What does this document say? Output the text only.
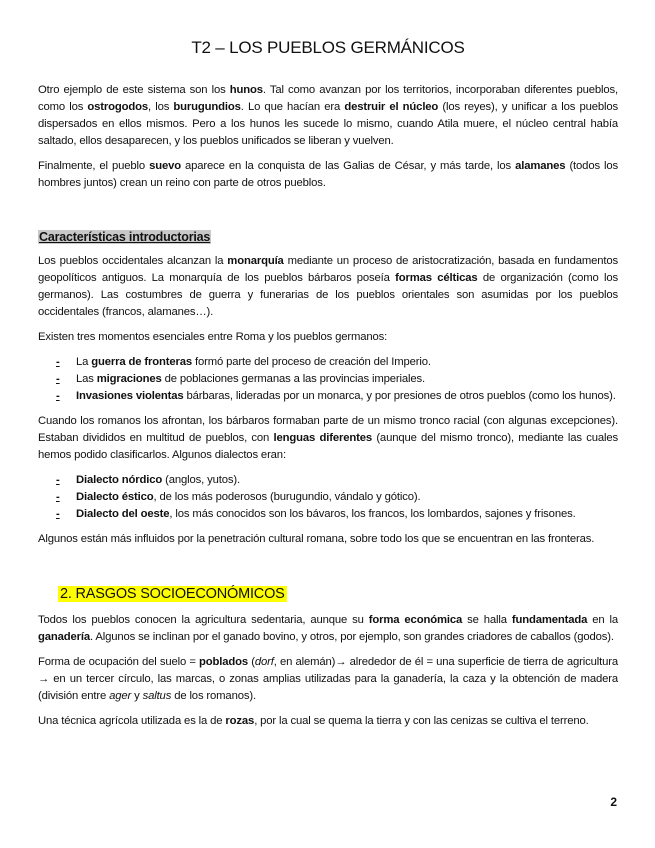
T2 – LOS PUEBLOS GERMÁNICOS

Otro ejemplo de este sistema son los hunos. Tal como avanzan por los territorios, incorporaban diferentes pueblos, como los ostrogodos, los burugundios. Lo que hacían era destruir el núcleo (los reyes), y unificar a los pueblos dispersados en ellos mismos. Pero a los hunos les sucede lo mismo, cuando Atila muere, el núcleo central había saltado, ellos desaparecen, y los pueblos unificados se liberan y vuelven.

Finalmente, el pueblo suevo aparece en la conquista de las Galias de César, y más tarde, los alamanes (todos los hombres juntos) crean un reino con parte de otros pueblos.

Características introductorias

Los pueblos occidentales alcanzan la monarquía mediante un proceso de aristocratización, basada en fundamentos geopolíticos antiguos. La monarquía de los pueblos bárbaros poseía formas célticas de organización (como los germanos). Las costumbres de guerra y funerarias de los pueblos orientales son asumidas por los pueblos occidentales (francos, alamanes…).

Existen tres momentos esenciales entre Roma y los pueblos germanos:

- La guerra de fronteras formó parte del proceso de creación del Imperio.
- Las migraciones de poblaciones germanas a las provincias imperiales.
- Invasiones violentas bárbaras, lideradas por un monarca, y por presiones de otros pueblos (como los hunos).

Cuando los romanos los afrontan, los bárbaros formaban parte de un mismo tronco racial (con algunas excepciones). Estaban divididos en multitud de pueblos, con lenguas diferentes (aunque del mismo tronco), mediante las cuales hemos podido clasificarlos. Algunos dialectos eran:

- Dialecto nórdico (anglos, yutos).
- Dialecto éstico, de los más poderosos (burugundio, vándalo y gótico).
- Dialecto del oeste, los más conocidos son los bávaros, los francos, los lombardos, sajones y frisones.

Algunos están más influidos por la penetración cultural romana, sobre todo los que se encuentran en las fronteras.

2. RASGOS SOCIOECONÓMICOS

Todos los pueblos conocen la agricultura sedentaria, aunque su forma económica se halla fundamentada en la ganadería. Algunos se inclinan por el ganado bovino, y otros, por ejemplo, son grandes criadores de caballos (godos).

Forma de ocupación del suelo = poblados (dorf, en alemán)→ alrededor de él = una superficie de tierra de agricultura → en un tercer círculo, las marcas, o zonas amplias utilizadas para la ganadería, la caza y la obtención de madera (división entre ager y saltus de los romanos).

Una técnica agrícola utilizada es la de rozas, por la cual se quema la tierra y con las cenizas se cultiva el terreno.

2
